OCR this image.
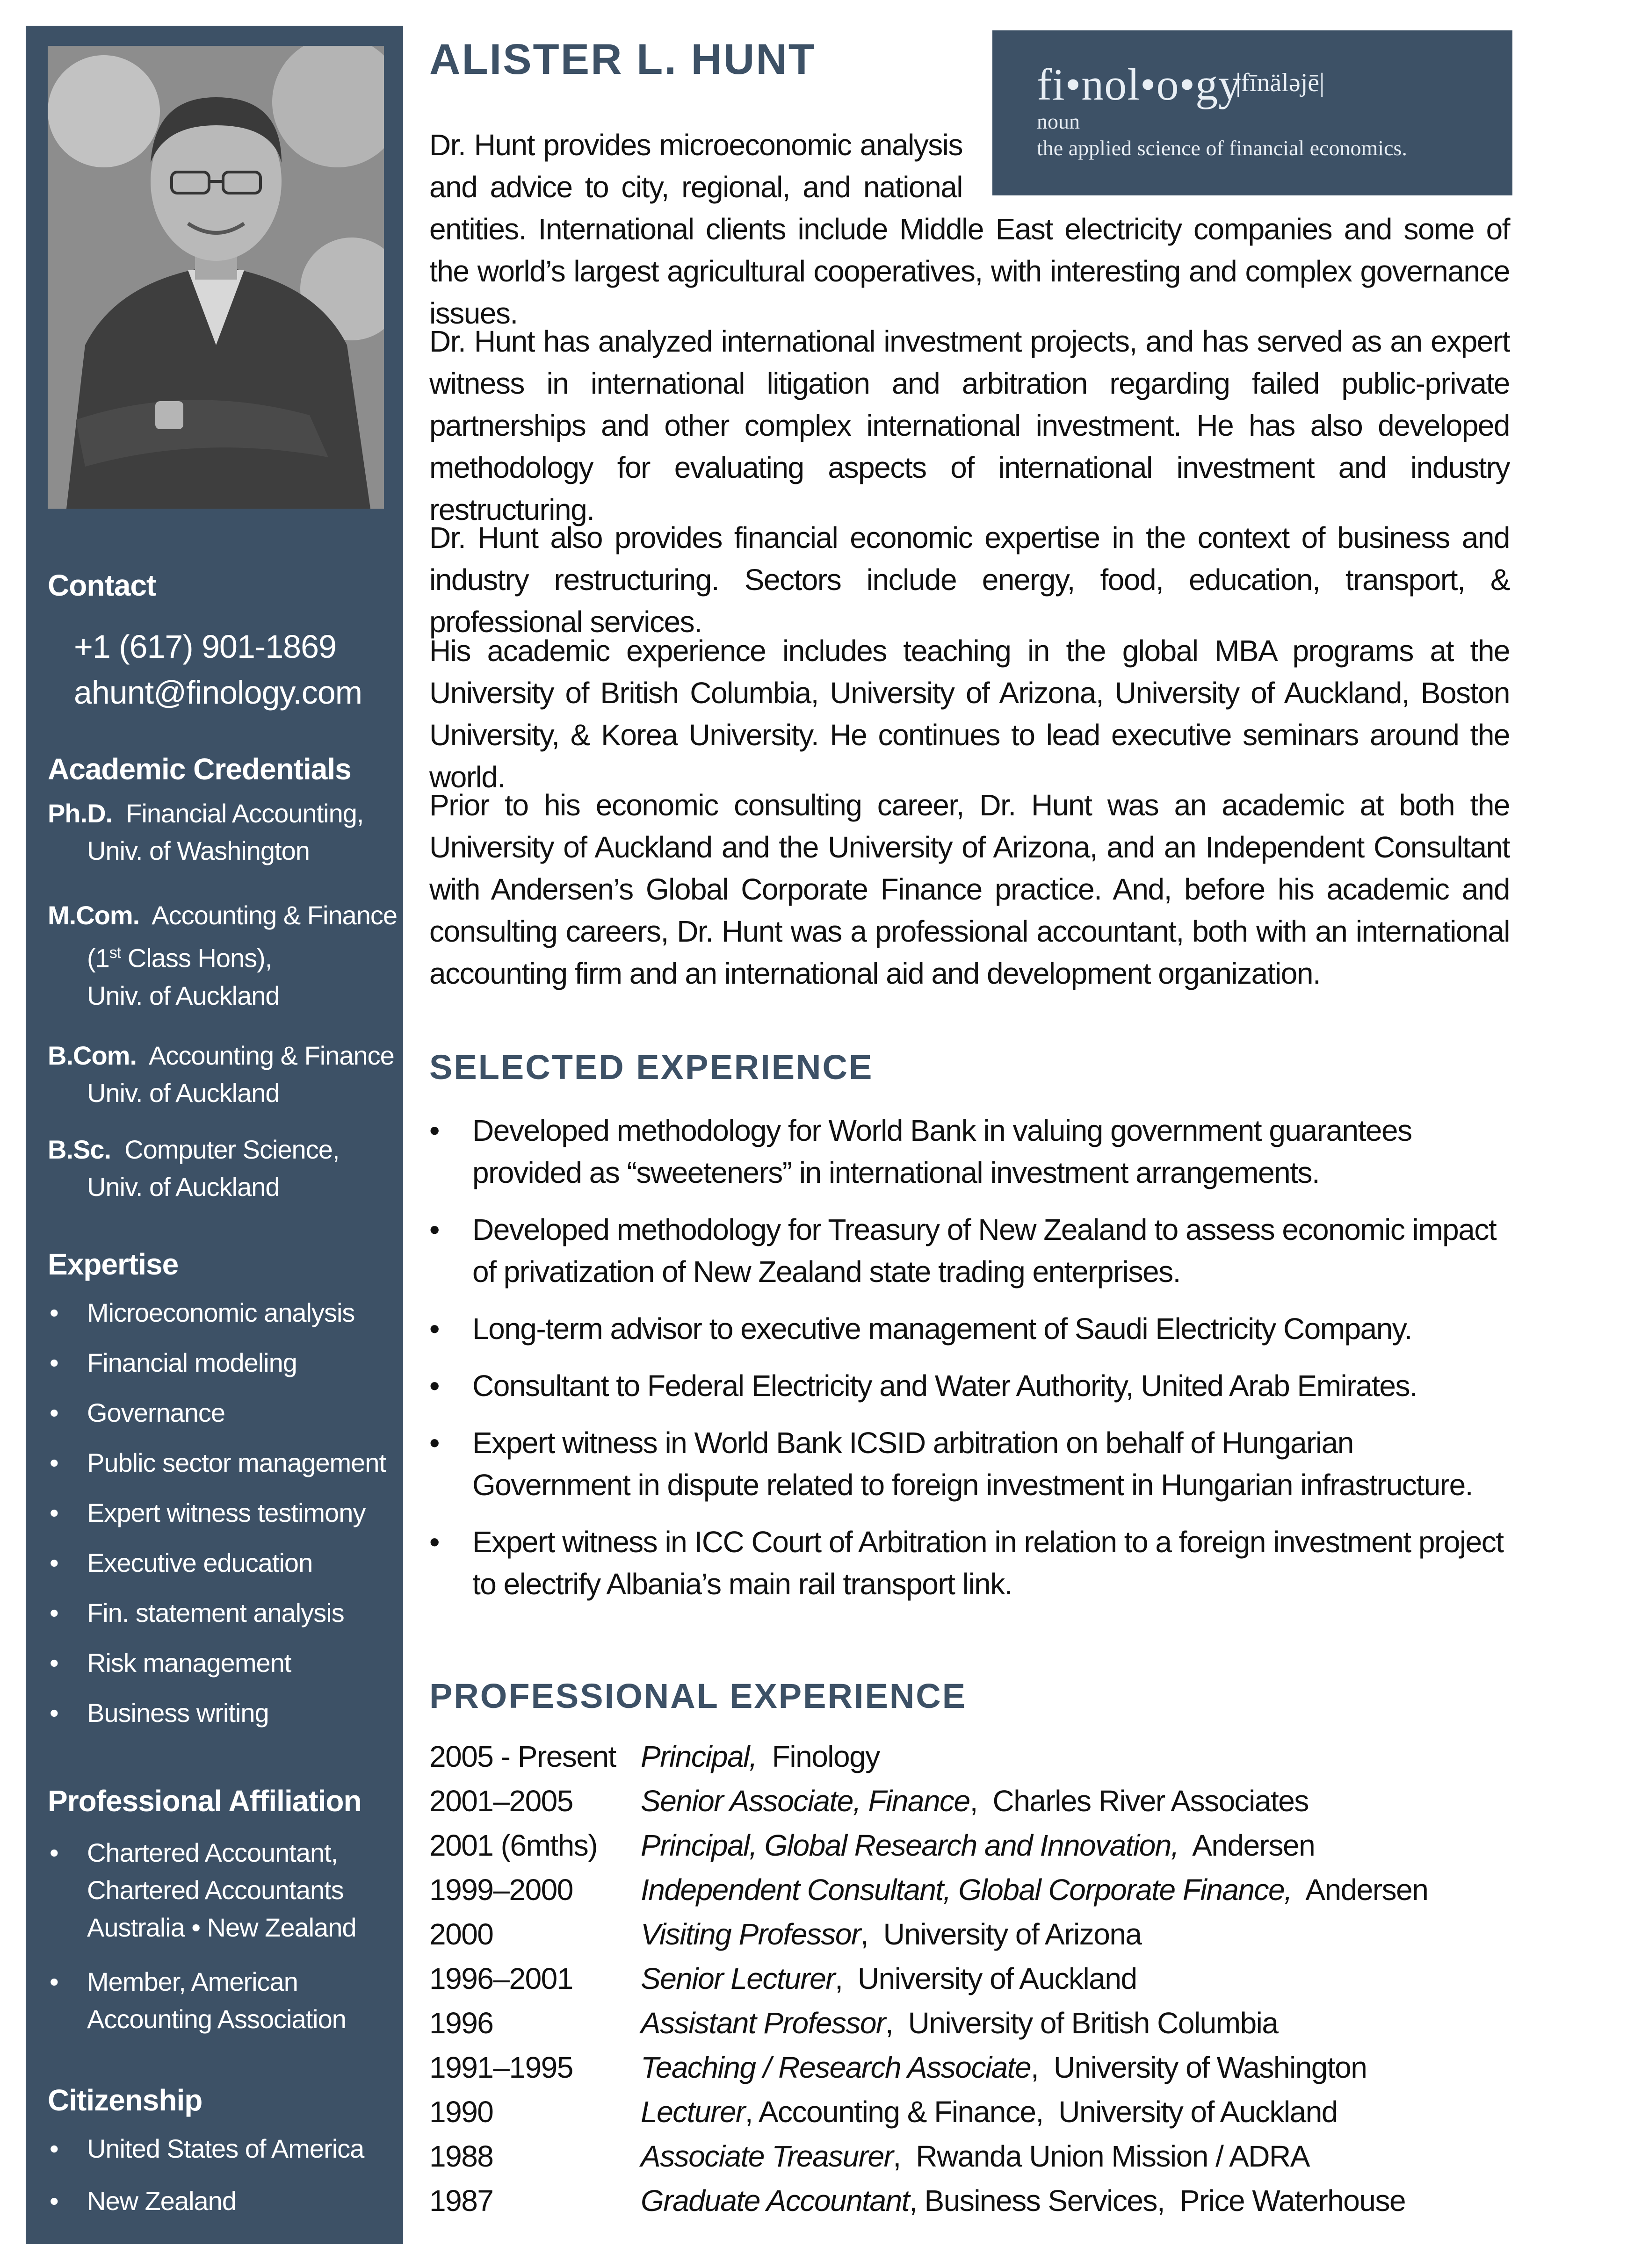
Contact
+1 (617) 901-1869
ahunt@finology.com
Academic Credentials
Ph.D. Financial Accounting,
Univ. of Washington
M.Com. Accounting & Finance
(1st Class Hons),
Univ. of Auckland
B.Com. Accounting & Finance
Univ. of Auckland
B.Sc. Computer Science,
Univ. of Auckland
Expertise
• Microeconomic analysis
• Financial modeling
• Governance
• Public sector management
• Expert witness testimony
• Executive education
• Fin. statement analysis
• Risk management
• Business writing
Professional Affiliation
• Chartered Accountant,
Chartered Accountants
Australia • New Zealand
• Member, American
Accounting Association
Citizenship
• United States of America
• New Zealand
ALISTER L. HUNT	fi•nol•o•gy
|fīnäləjē|
noun
the applied science of financial economics.
Dr. Hunt provides microeconomic analysis
and advice to city, regional, and national

entities. International clients include Middle East electricity companies and some of the world’s largest agricultural cooperatives, with interesting and complex governance issues.

Dr. Hunt has analyzed international investment projects, and has served as an expert witness in international litigation and arbitration regarding failed public-private partnerships and other complex international investment. He has also developed methodology for evaluating aspects of international investment and industry restructuring.

Dr. Hunt also provides financial economic expertise in the context of business and industry restructuring. Sectors include energy, food, education, transport, & professional services.

His academic experience includes teaching in the global MBA programs at the University of British Columbia, University of Arizona, University of Auckland, Boston University, & Korea University. He continues to lead executive seminars around the world.

Prior to his economic consulting career, Dr. Hunt was an academic at both the University of Auckland and the University of Arizona, and an Independent Consultant with Andersen’s Global Corporate Finance practice. And, before his academic and consulting careers, Dr. Hunt was a professional accountant, both with an international accounting firm and an international aid and development organization.

SELECTED EXPERIENCE
• Developed methodology for World Bank in valuing government guarantees provided as “sweeteners” in international investment arrangements.
• Developed methodology for Treasury of New Zealand to assess economic impact of privatization of New Zealand state trading enterprises.
• Long-term advisor to executive management of Saudi Electricity Company.
• Consultant to Federal Electricity and Water Authority, United Arab Emirates.
• Expert witness in World Bank ICSID arbitration on behalf of Hungarian Government in dispute related to foreign investment in Hungarian infrastructure.
• Expert witness in ICC Court of Arbitration in relation to a foreign investment project to electrify Albania’s main rail transport link.
PROFESSIONAL EXPERIENCE
2005 - Present	Principal, Finology
2001–2005	Senior Associate, Finance, Charles River Associates
2001 (6mths)	Principal, Global Research and Innovation, Andersen
1999–2000	Independent Consultant, Global Corporate Finance, Andersen
2000	Visiting Professor, University of Arizona
1996–2001	Senior Lecturer, University of Auckland
1996	Assistant Professor, University of British Columbia
1991–1995	Teaching / Research Associate, University of Washington
1990	Lecturer, Accounting & Finance, University of Auckland
1988	Associate Treasurer, Rwanda Union Mission / ADRA
1987	Graduate Accountant, Business Services, Price Waterhouse
